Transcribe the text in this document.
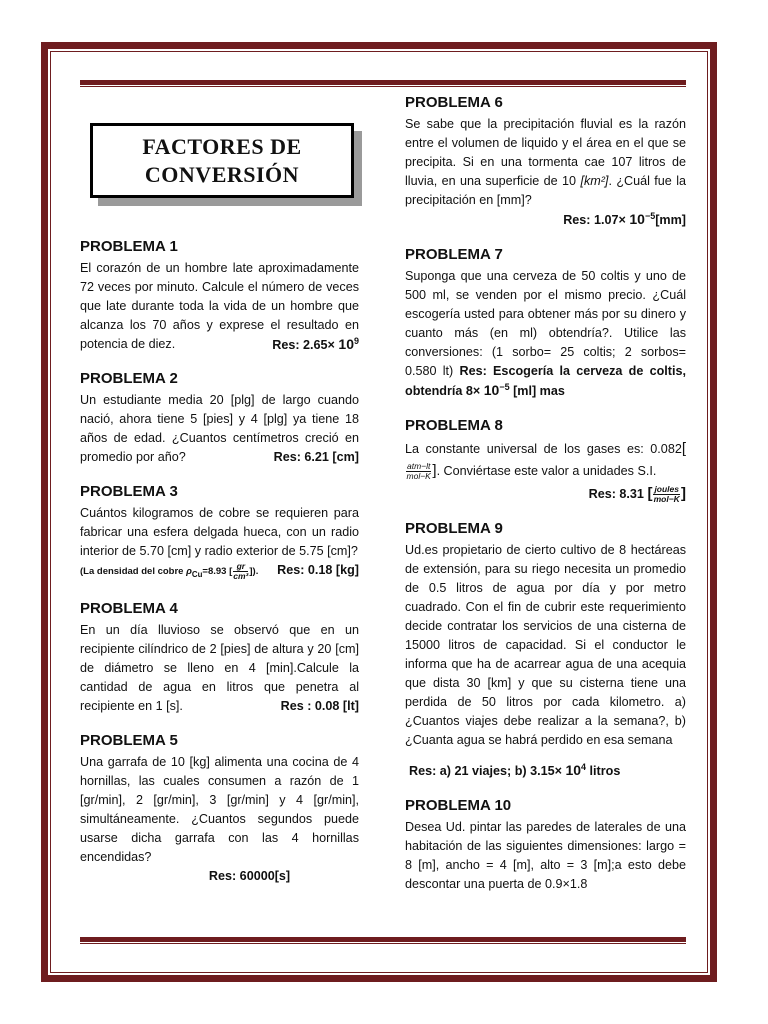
FACTORES DE
CONVERSIÓN
PROBLEMA 1
El corazón de un hombre late aproximadamente 72 veces por minuto. Calcule el número de veces que late durante toda la vida de un hombre que alcanza los 70 años y exprese el resultado en potencia de diez.	Res: $2.65\times 10^9$
PROBLEMA 2
Un estudiante media 20 [plg] de largo cuando nació, ahora tiene 5 [pies] y 4 [plg] ya tiene 18 años de edad. ¿Cuantos centímetros creció en promedio por año?	Res: 6.21 [cm]
PROBLEMA 3
Cuántos kilogramos de cobre se requieren para fabricar una esfera delgada hueca, con un radio interior de 5.70 [cm] y radio exterior de 5.75 [cm]?
(La densidad del cobre $\rho_{Cu}=8.93$ [ $\frac{gr}{\text{cm³}}$ ]). Res: 0.18 [kg]
PROBLEMA 4
En un día lluvioso se observó que en un recipiente cilíndrico de 2 [pies] de altura y 20 [cm] de diámetro se lleno en 4 [min].Calcule la cantidad de agua en litros que penetra al recipiente en 1 [s].	Res : 0.08 [lt]
PROBLEMA 5
Una garrafa de 10 [kg] alimenta una cocina de 4 hornillas, las cuales consumen a razón de 1 [gr/min], 2 [gr/min], 3 [gr/min] y 4 [gr/min], simultáneamente. ¿Cuantos segundos puede usarse dicha garrafa con las 4 hornillas encendidas?
Res: 60000[s]
PROBLEMA 6
Se sabe que la precipitación fluvial es la razón entre el volumen de liquido y el área en el que se precipita. Si en una tormenta cae 107 litros de lluvia, en una superficie de 10 [km²]. ¿Cuál fue la precipitación en [mm]?
Res: $1.07\times 10^{-5}[mm]$
PROBLEMA 7
Suponga que una cerveza de 50 coltis y uno de 500 ml, se venden por el mismo precio. ¿Cuál escogería usted para obtener más por su dinero y cuanto más (en ml) obtendría?. Utilice las conversiones: (1 sorbo= 25 coltis; 2 sorbos= 0.580 lt) Res: Escogería la cerveza de coltis, obtendría $8\times 10^{-5}$ [ml] mas
PROBLEMA 8
La constante universal de los gases es: 0.082[
$\frac{\text{atm−lt}}{\text{mol−K}}$ ]. Conviértase este valor a unidades S.I.
Res: 8.31 [ $\frac{\text{joules}}{\text{mol−K}}$ ]
PROBLEMA 9
Ud.es propietario de cierto cultivo de 8 hectáreas de extensión, para su riego necesita un promedio de 0.5 litros de agua por día y por metro cuadrado. Con el fin de cubrir este requerimiento decide contratar los servicios de una cisterna de 15000 litros de capacidad. Si el conductor le informa que ha de acarrear agua de una acequia que dista 30 [km] y que su cisterna tiene una perdida de 50 litros por cada kilometro. a) ¿Cuantos viajes debe realizar a la semana?, b) ¿Cuanta agua se habrá perdido en esa semana
Res: a) 21 viajes; b) $3.15\times 10^4$ litros
PROBLEMA 10
Desea Ud. pintar las paredes de laterales de una habitación de las siguientes dimensiones: largo = 8 [m], ancho = 4 [m], alto = 3 [m];a esto debe descontar una puerta de 0.9×1.8
